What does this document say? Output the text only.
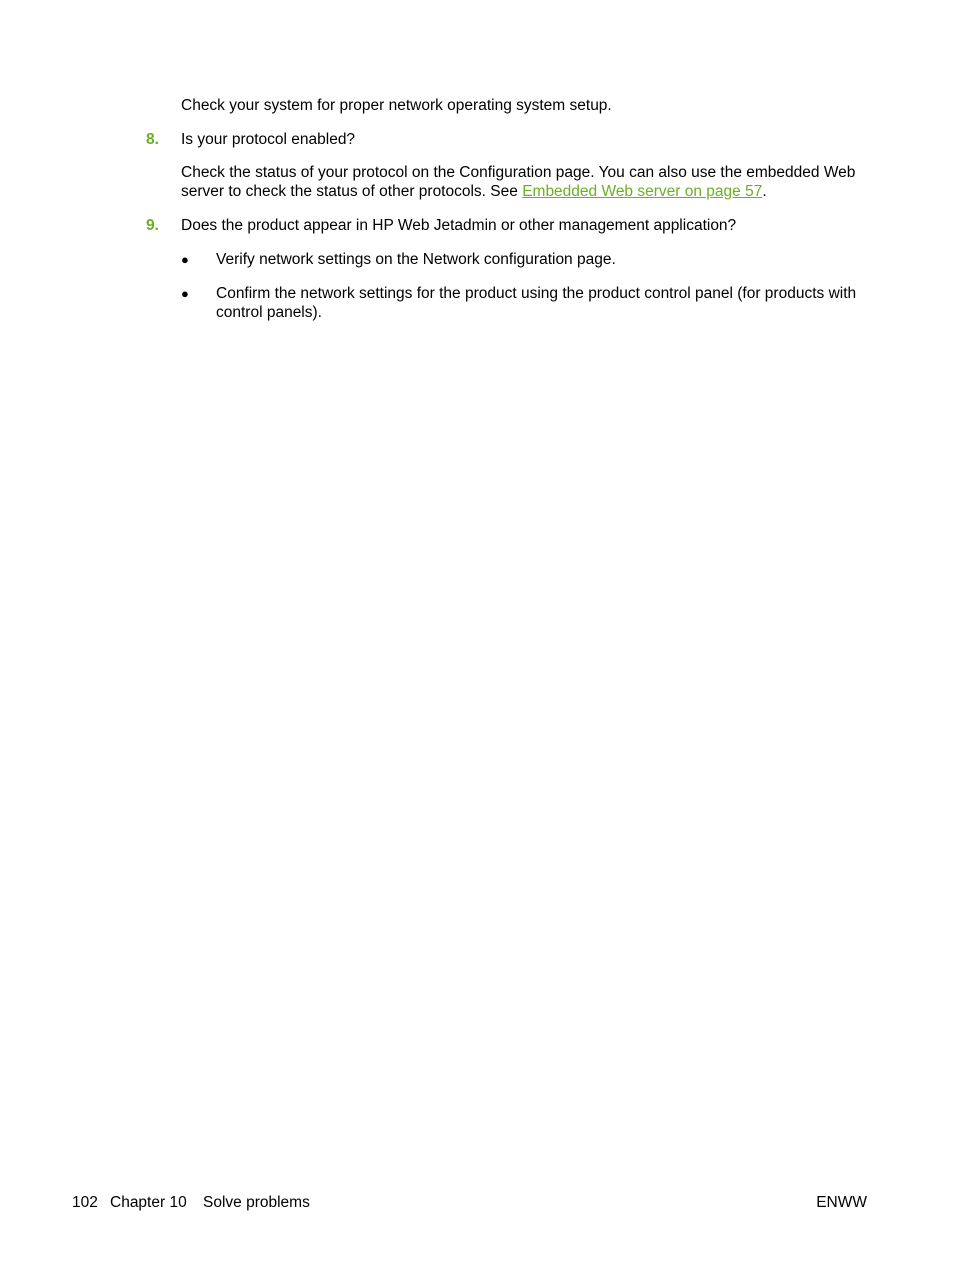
Check your system for proper network operating system setup.
8. Is your protocol enabled?
Check the status of your protocol on the Configuration page. You can also use the embedded Web server to check the status of other protocols. See Embedded Web server on page 57.
9. Does the product appear in HP Web Jetadmin or other management application?
● Verify network settings on the Network configuration page.
● Confirm the network settings for the product using the product control panel (for products with control panels).
102 Chapter 10 Solve problems	ENWW
